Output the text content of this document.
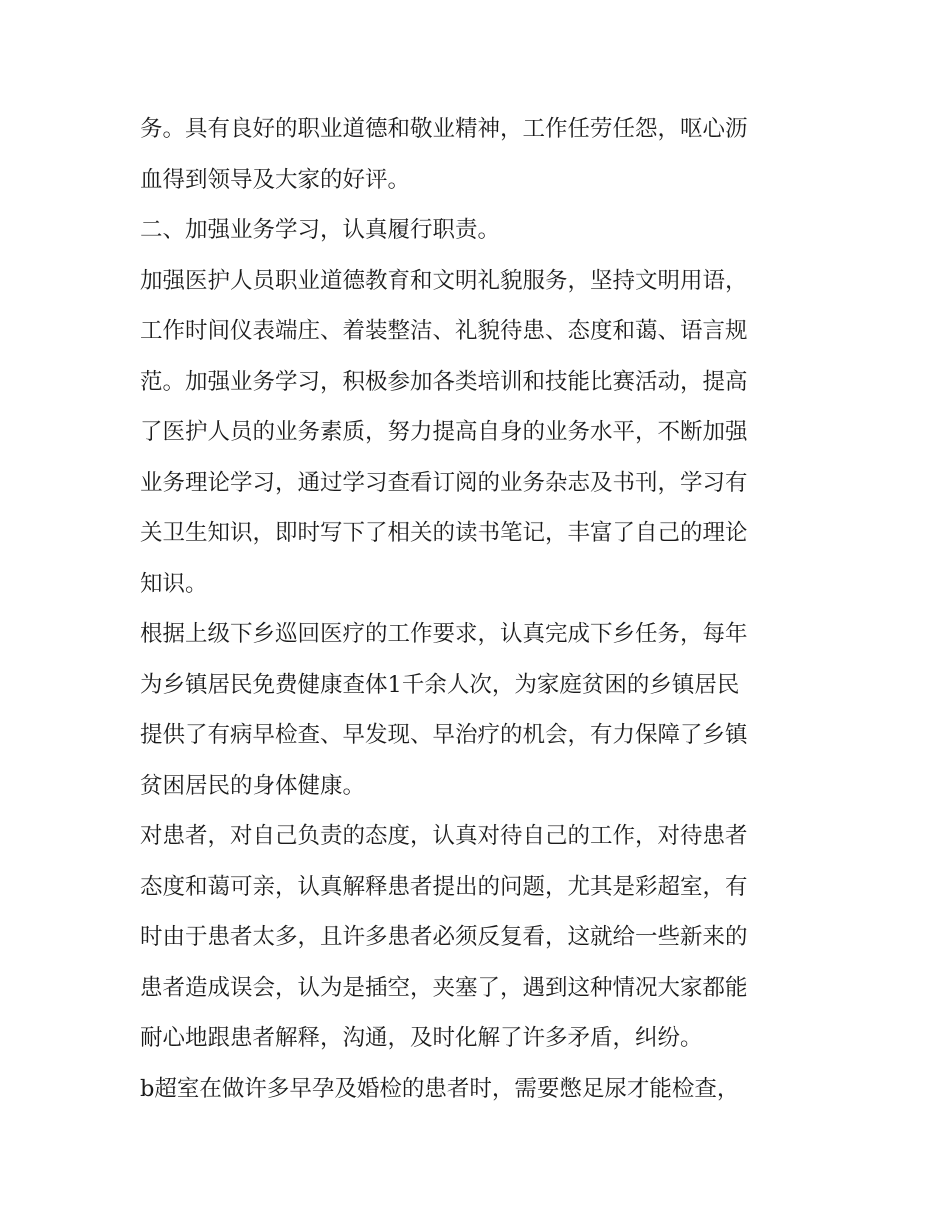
务。具有良好的职业道德和敬业精神，工作任劳任怨，呕心沥
血得到领导及大家的好评。
二、加强业务学习，认真履行职责。
加强医护人员职业道德教育和文明礼貌服务，坚持文明用语，
工作时间仪表端庄、着装整洁、礼貌待患、态度和蔼、语言规
范。加强业务学习，积极参加各类培训和技能比赛活动，提高
了医护人员的业务素质，努力提高自身的业务水平，不断加强
业务理论学习，通过学习查看订阅的业务杂志及书刊，学习有
关卫生知识，即时写下了相关的读书笔记，丰富了自己的理论
知识。
根据上级下乡巡回医疗的工作要求，认真完成下乡任务，每年
为乡镇居民免费健康查体1千余人次，为家庭贫困的乡镇居民
提供了有病早检查、早发现、早治疗的机会，有力保障了乡镇
贫困居民的身体健康。
对患者，对自己负责的态度，认真对待自己的工作，对待患者
态度和蔼可亲，认真解释患者提出的问题，尤其是彩超室，有
时由于患者太多，且许多患者必须反复看，这就给一些新来的
患者造成误会，认为是插空，夹塞了，遇到这种情况大家都能
耐心地跟患者解释，沟通，及时化解了许多矛盾，纠纷。
b超室在做许多早孕及婚检的患者时，需要憋足尿才能检查，
